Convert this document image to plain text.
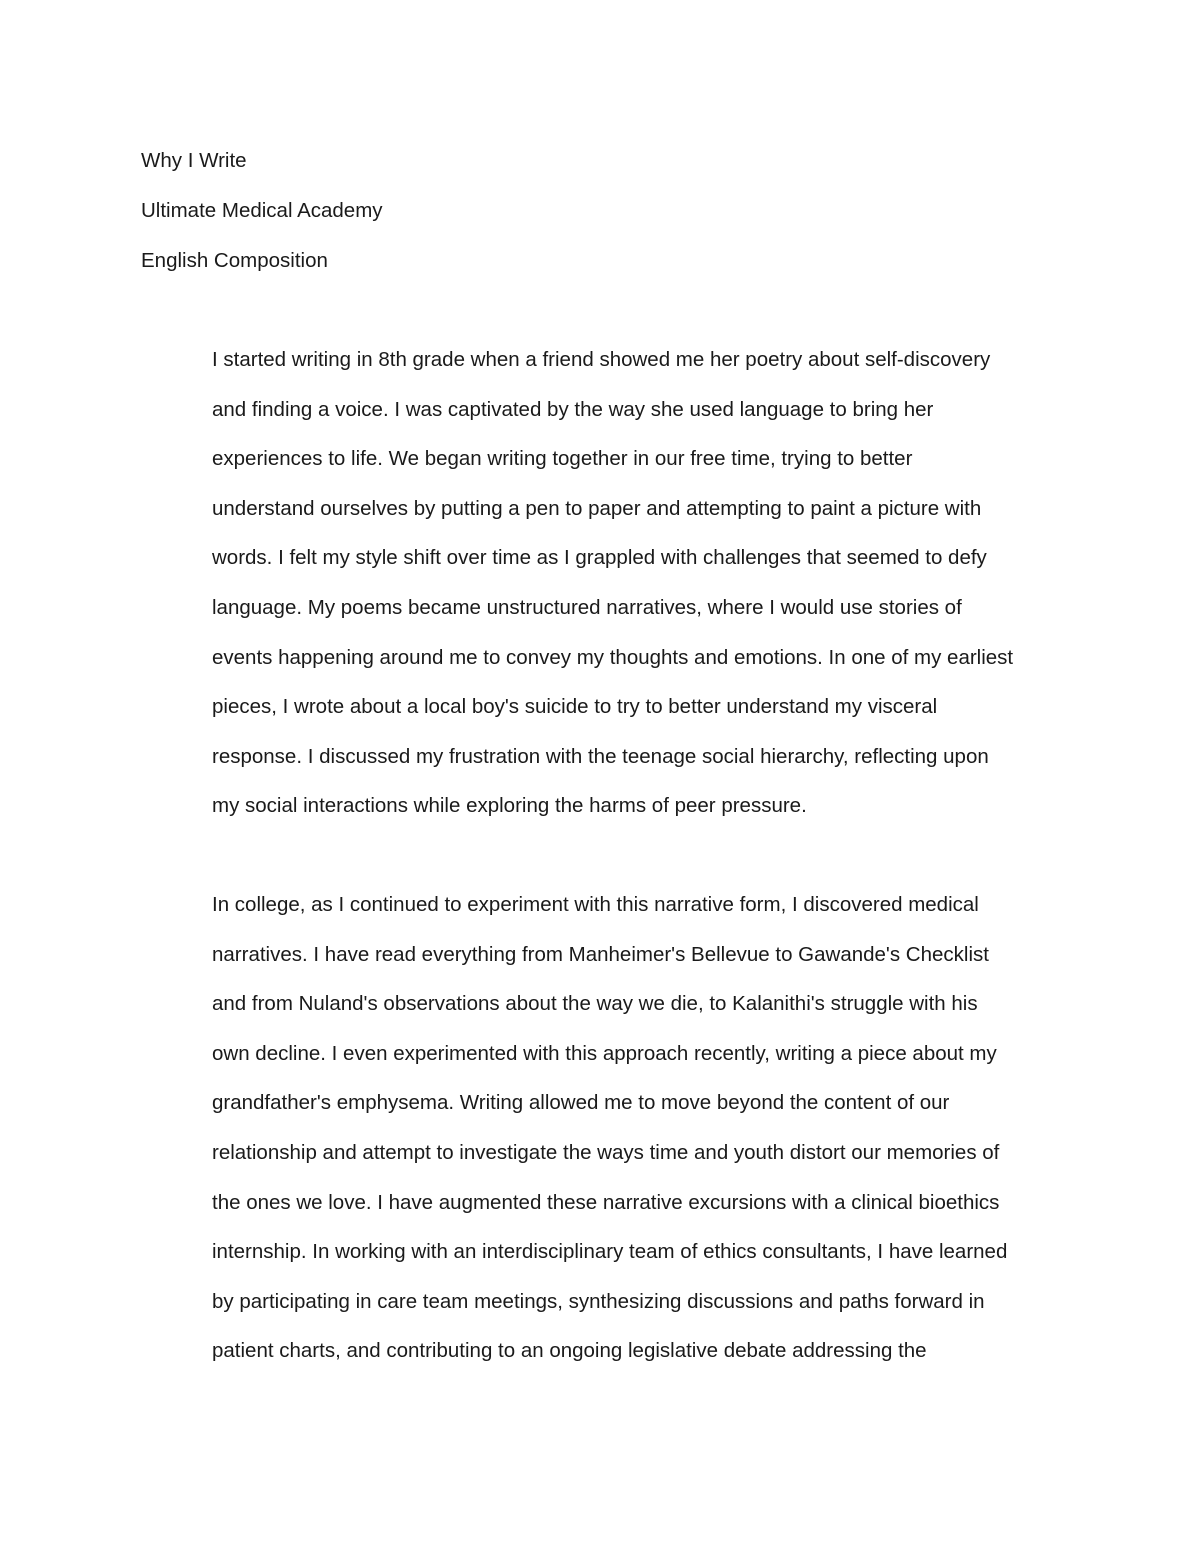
Why I Write
Ultimate Medical Academy
English Composition
I started writing in 8th grade when a friend showed me her poetry about self-discovery
and finding a voice. I was captivated by the way she used language to bring her
experiences to life. We began writing together in our free time, trying to better
understand ourselves by putting a pen to paper and attempting to paint a picture with
words. I felt my style shift over time as I grappled with challenges that seemed to defy
language. My poems became unstructured narratives, where I would use stories of
events happening around me to convey my thoughts and emotions. In one of my earliest
pieces, I wrote about a local boy's suicide to try to better understand my visceral
response. I discussed my frustration with the teenage social hierarchy, reflecting upon
my social interactions while exploring the harms of peer pressure.
In college, as I continued to experiment with this narrative form, I discovered medical
narratives. I have read everything from Manheimer's Bellevue to Gawande's Checklist
and from Nuland's observations about the way we die, to Kalanithi's struggle with his
own decline. I even experimented with this approach recently, writing a piece about my
grandfather's emphysema. Writing allowed me to move beyond the content of our
relationship and attempt to investigate the ways time and youth distort our memories of
the ones we love. I have augmented these narrative excursions with a clinical bioethics
internship. In working with an interdisciplinary team of ethics consultants, I have learned
by participating in care team meetings, synthesizing discussions and paths forward in
patient charts, and contributing to an ongoing legislative debate addressing the
